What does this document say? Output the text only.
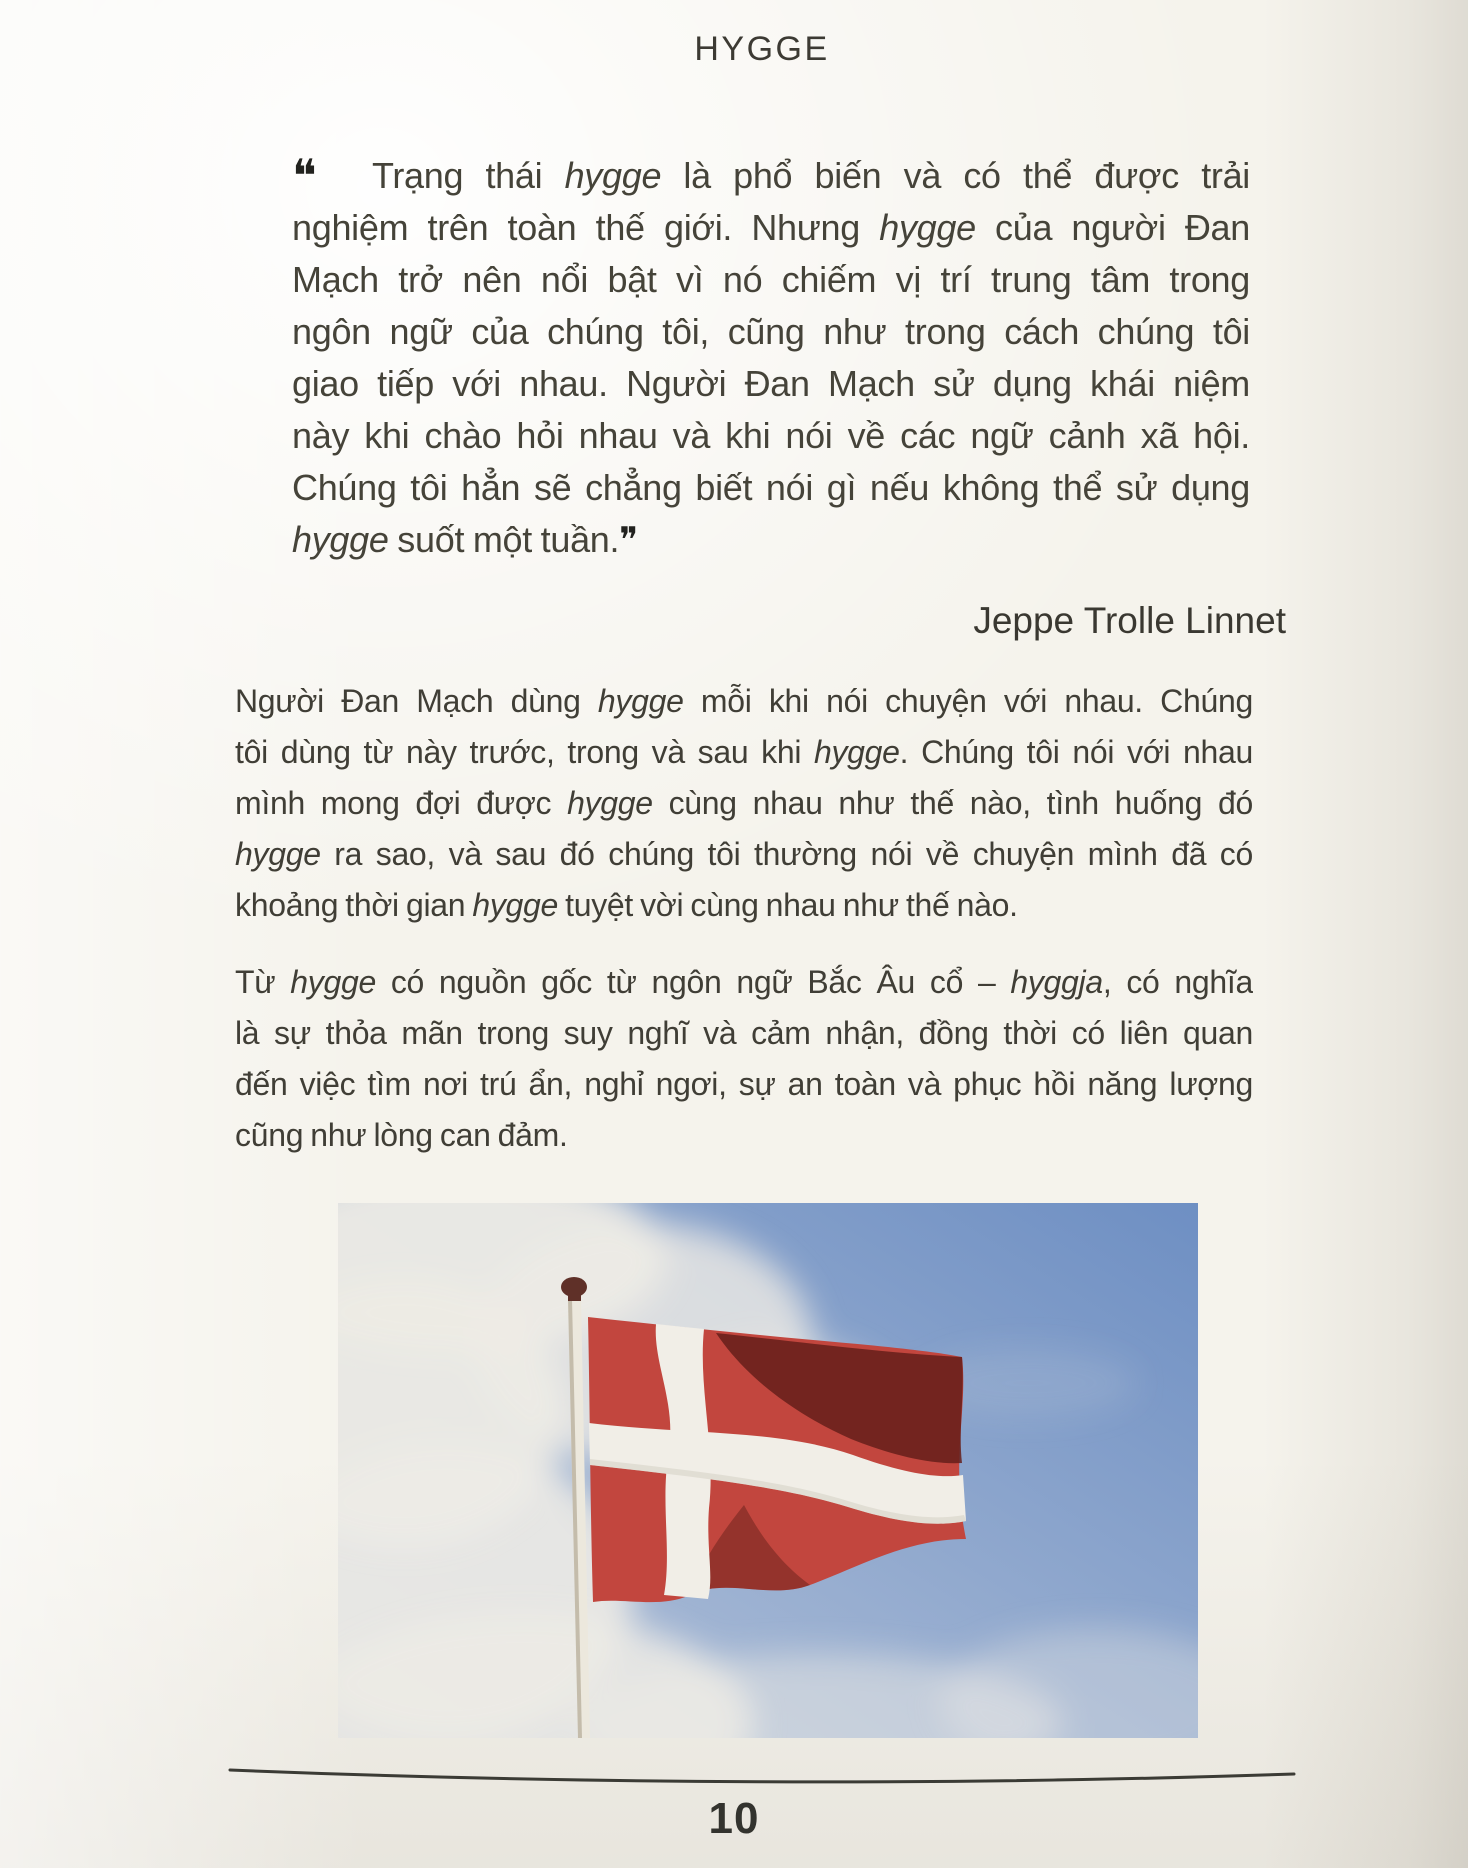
HYGGE
❝	Trạng thái hygge là phổ biến và có thể được trải
nghiệm trên toàn thế giới. Nhưng hygge của người Đan
Mạch trở nên nổi bật vì nó chiếm vị trí trung tâm trong
ngôn ngữ của chúng tôi, cũng như trong cách chúng tôi
giao tiếp với nhau. Người Đan Mạch sử dụng khái niệm
này khi chào hỏi nhau và khi nói về các ngữ cảnh xã hội.
Chúng tôi hẳn sẽ chẳng biết nói gì nếu không thể sử dụng
hygge suốt một tuần.❞
Jeppe Trolle Linnet
Người Đan Mạch dùng hygge mỗi khi nói chuyện với nhau. Chúng
tôi dùng từ này trước, trong và sau khi hygge. Chúng tôi nói với nhau
mình mong đợi được hygge cùng nhau như thế nào, tình huống đó
hygge ra sao, và sau đó chúng tôi thường nói về chuyện mình đã có
khoảng thời gian hygge tuyệt vời cùng nhau như thế nào.
Từ hygge có nguồn gốc từ ngôn ngữ Bắc Âu cổ – hyggja, có nghĩa
là sự thỏa mãn trong suy nghĩ và cảm nhận, đồng thời có liên quan
đến việc tìm nơi trú ẩn, nghỉ ngơi, sự an toàn và phục hồi năng lượng
cũng như lòng can đảm.
10
